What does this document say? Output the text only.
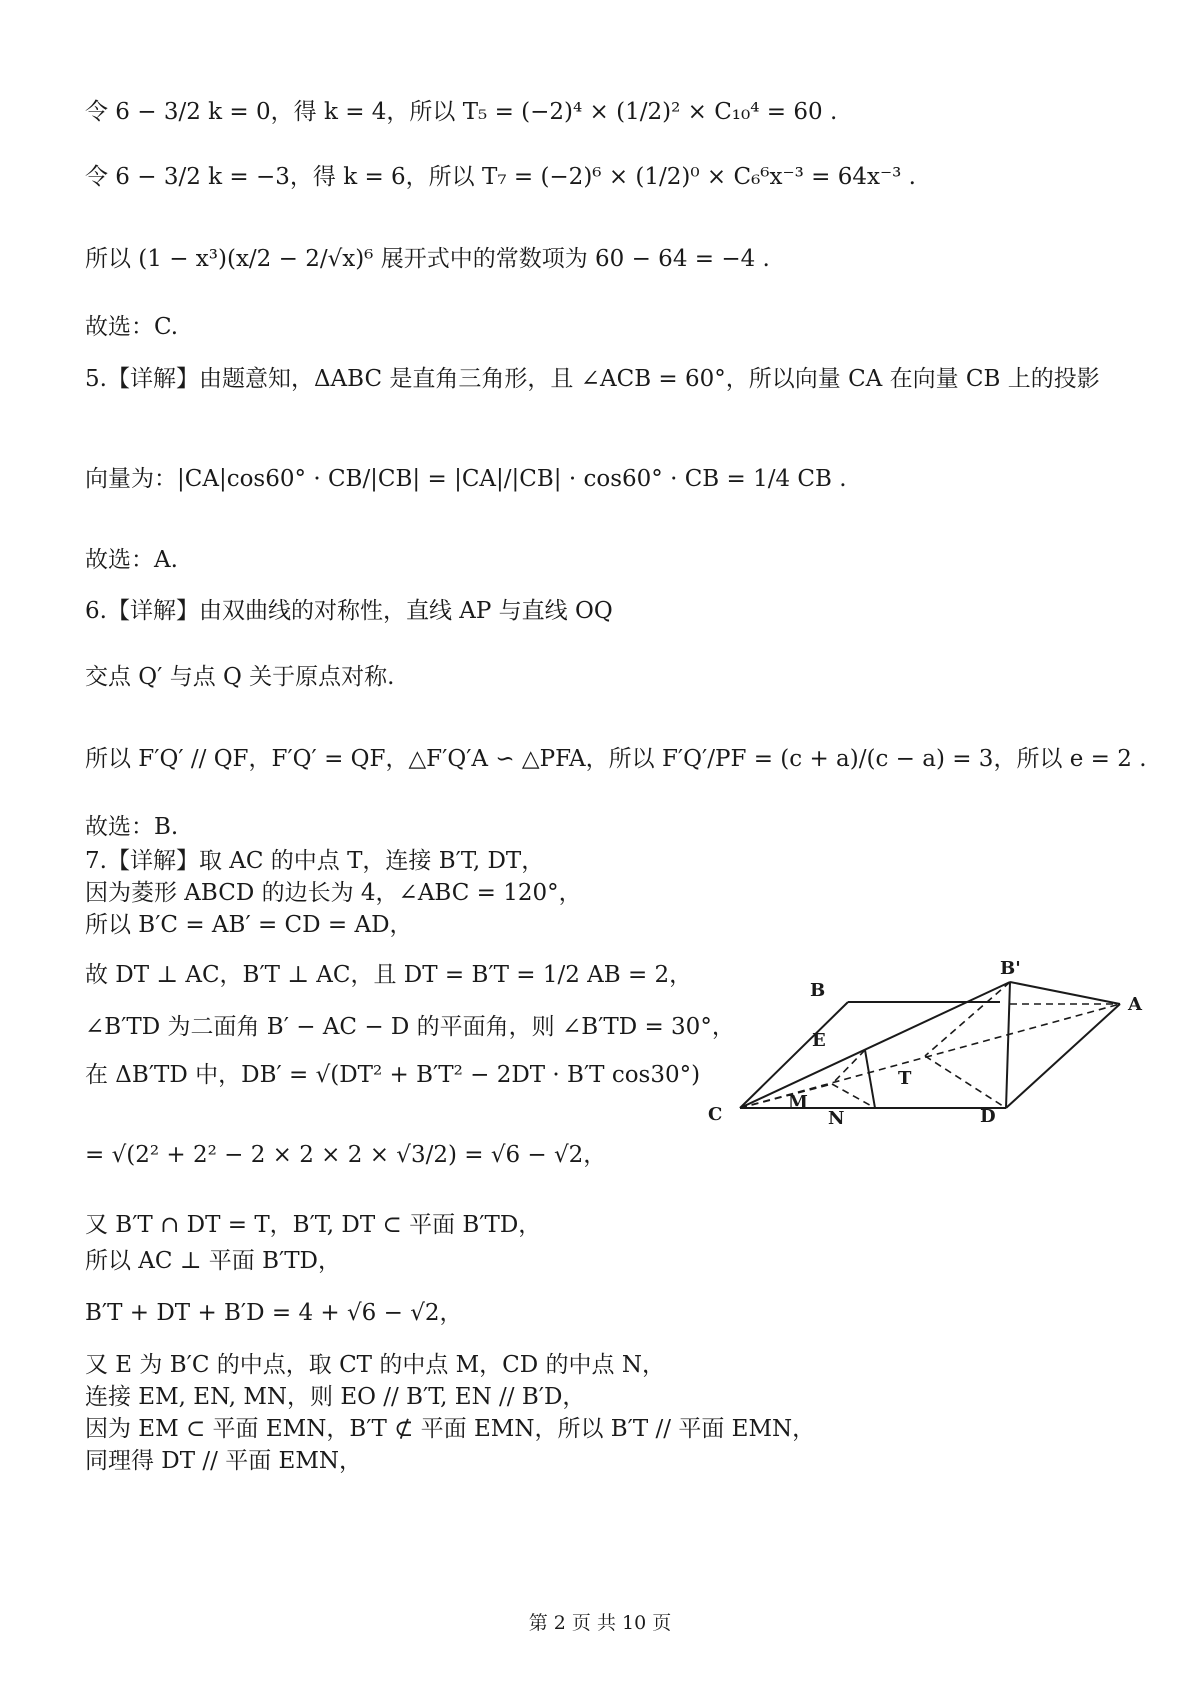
令 6 − 3/2 k = 0，得 k = 4，所以 T₅ = (−2)⁴ × (1/2)² × C₁₀⁴ = 60 .
令 6 − 3/2 k = −3，得 k = 6，所以 T₇ = (−2)⁶ × (1/2)⁰ × C₆⁶x⁻³ = 64x⁻³ .
所以 (1 − x³)(x/2 − 2/√x)⁶ 展开式中的常数项为 60 − 64 = −4 .
故选：C.
5.【详解】由题意知，ΔABC 是直角三角形，且 ∠ACB = 60°，所以向量 CA 在向量 CB 上的投影
向量为：|CA|cos60° · CB/|CB| = |CA|/|CB| · cos60° · CB = 1/4 CB .
故选：A.
6.【详解】由双曲线的对称性，直线 AP 与直线 OQ
交点 Q′ 与点 Q 关于原点对称.
所以 F′Q′ // QF，F′Q′ = QF，△F′Q′A ∽ △PFA，所以 F′Q′/PF = (c + a)/(c − a) = 3，所以 e = 2 .
故选：B.
7.【详解】取 AC 的中点 T，连接 B′T, DT，
因为菱形 ABCD 的边长为 4，∠ABC = 120°，
所以 B′C = AB′ = CD = AD，
故 DT ⊥ AC，B′T ⊥ AC，且 DT = B′T = 1/2 AB = 2，
∠B′TD 为二面角 B′ − AC − D 的平面角，则 ∠B′TD = 30°，
在 ΔB′TD 中，DB′ = √(DT² + B′T² − 2DT · B′T cos30°)
= √(2² + 2² − 2 × 2 × 2 × √3/2) = √6 − √2，
又 B′T ∩ DT = T，B′T, DT ⊂ 平面 B′TD，
所以 AC ⊥ 平面 B′TD，
B′T + DT + B′D = 4 + √6 − √2，
又 E 为 B′C 的中点，取 CT 的中点 M，CD 的中点 N，
连接 EM, EN, MN，则 EO // B′T, EN // B′D，
因为 EM ⊂ 平面 EMN，B′T ⊄ 平面 EMN，所以 B′T // 平面 EMN，
同理得 DT // 平面 EMN，
B
B'
A
E
T
M
C	N	D
第 2 页 共 10 页
